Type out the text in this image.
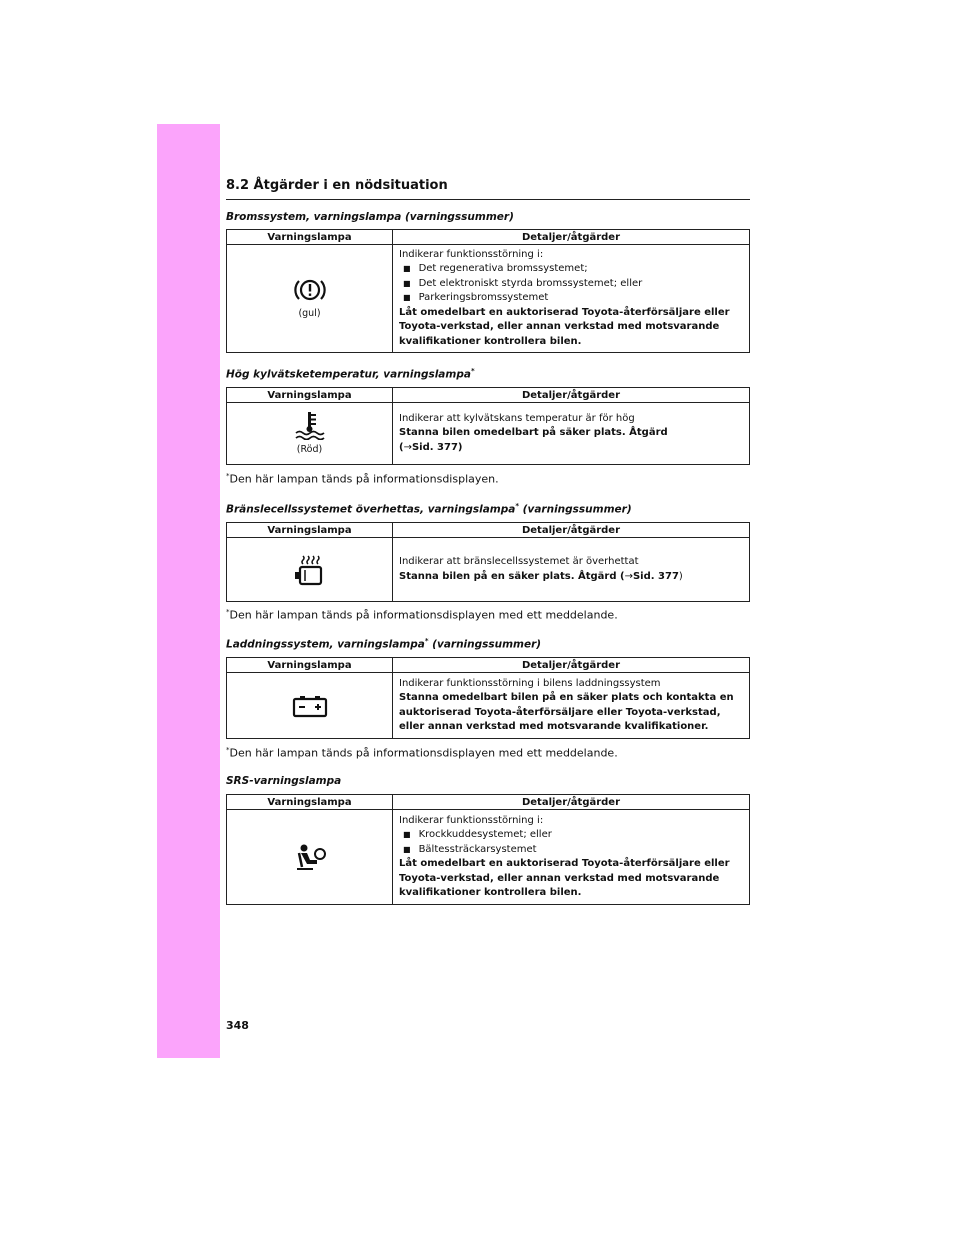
8.2 Åtgärder i en nödsituation
Bromssystem, varningslampa (varningssummer)
Varningslampa	Detaljer/åtgärder

(gul)	Indikerar funktionsstörning i:
■ Det regenerativa bromssystemet;
■ Det elektroniskt styrda bromssystemet; eller
■ Parkeringsbromssystemet
Låt omedelbart en auktoriserad Toyota-återförsäljare eller Toyota-verkstad, eller annan verkstad med motsvarande kvalifikationer kontrollera bilen.
Hög kylvätsketemperatur, varningslampa*
Varningslampa	Detaljer/åtgärder

(Röd)	Indikerar att kylvätskans temperatur är för hög
Stanna bilen omedelbart på säker plats. Åtgärd
(→Sid. 377)
*Den här lampan tänds på informationsdisplayen.
Bränslecellssystemet överhettas, varningslampa* (varningssummer)
Varningslampa	Detaljer/åtgärder

Indikerar att bränslecellssystemet är överhettat
Stanna bilen på en säker plats. Åtgärd (→Sid. 377)
*Den här lampan tänds på informationsdisplayen med ett meddelande.
Laddningssystem, varningslampa* (varningssummer)
Varningslampa	Detaljer/åtgärder

Indikerar funktionsstörning i bilens laddningssystem
Stanna omedelbart bilen på en säker plats och kontakta en auktoriserad Toyota-återförsäljare eller Toyota-verkstad, eller annan verkstad med motsvarande kvalifikationer.
*Den här lampan tänds på informationsdisplayen med ett meddelande.
SRS-varningslampa
Varningslampa	Detaljer/åtgärder

Indikerar funktionsstörning i:
■ Krockkuddesystemet; eller
■ Bältessträckarsystemet
Låt omedelbart en auktoriserad Toyota-återförsäljare eller Toyota-verkstad, eller annan verkstad med motsvarande kvalifikationer kontrollera bilen.
348
